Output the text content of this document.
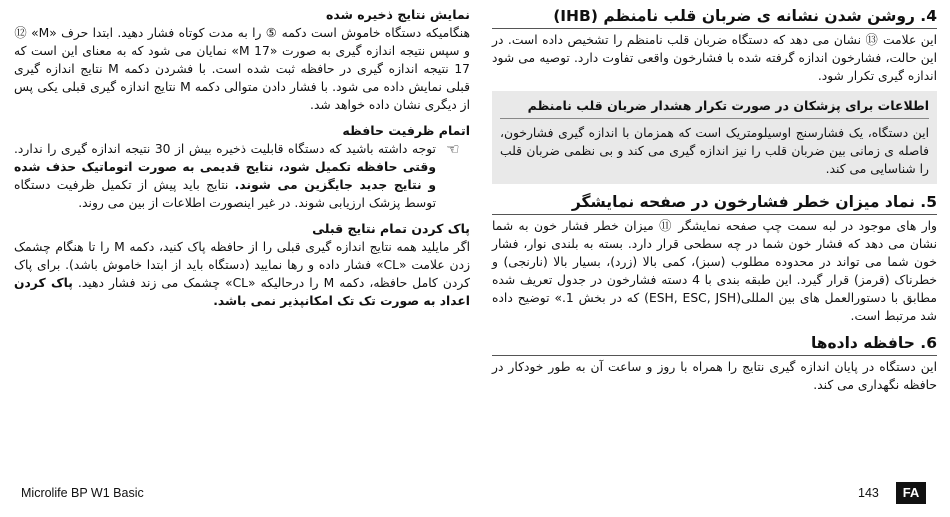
نمایش نتایج ذخیره شده

هنگامیکه دستگاه خاموش است دکمه ⑤ را به مدت کوتاه فشار دهید. ابتدا حرف «M» ⑫ و سپس نتیجه اندازه گیری به صورت «17 M» نمایان می شود که به معنای این است که 17 نتیجه اندازه گیری در حافظه ثبت شده است. با فشردن دکمه M نتایج اندازه گیری قبلی نمایش داده می شود. با فشار دادن متوالی دکمه M نتایج اندازه گیری قبلی یکی پس از دیگری نشان داده خواهد شد.

اتمام ظرفیت حافظه

☜

توجه داشته باشید که دستگاه قابلیت ذخیره بیش از 30 نتیجه اندازه گیری را ندارد. وقتی حافظه تکمیل شود، نتایج قدیمی به صورت اتوماتیک حذف شده و نتایج جدید جایگزین می شوند. نتایج باید پیش از تکمیل ظرفیت دستگاه توسط پزشک ارزیابی شوند. در غیر اینصورت اطلاعات از بین می روند.

پاک کردن تمام نتایج قبلی

اگر مایلید همه نتایج اندازه گیری قبلی را از حافظه پاک کنید، دکمه M را تا هنگام چشمک زدن علامت «CL» فشار داده و رها نمایید (دستگاه باید از ابتدا خاموش باشد). برای پاک کردن کامل حافظه، دکمه M را درحالیکه «CL» چشمک می زند فشار دهید. پاک کردن اعداد به صورت تک تک امکانپذیر نمی باشد.

4. روشن شدن نشانه ی ضربان قلب نامنظم (IHB)

این علامت ⑬ نشان می دهد که دستگاه ضربان قلب نامنظم را تشخیص داده است. در این حالت، فشارخون اندازه گرفته شده با فشارخون واقعی تفاوت دارد. توصیه می شود اندازه گیری تکرار شود.

اطلاعات برای پزشکان در صورت تکرار هشدار ضربان قلب نامنظم

این دستگاه، یک فشارسنج اوسیلومتریک است که همزمان با اندازه گیری فشارخون، فاصله ی زمانی بین ضربان قلب را نیز اندازه گیری می کند و بی نظمی ضربان قلب را شناسایی می کند.

5. نماد میزان خطر فشارخون در صفحه نمایشگر

وار های موجود در لبه سمت چپ صفحه نمایشگر ⑪ میزان خطر فشار خون به شما نشان می دهد که فشار خون شما در چه سطحی قرار دارد. بسته به بلندی نوار، فشار خون شما می تواند در محدوده مطلوب (سبز)، کمی بالا (زرد)، بسیار بالا (نارنجی) و خطرناک (قرمز) قرار گیرد. این طبقه بندی با 4 دسته فشارخون در جدول تعریف شده مطابق با دستورالعمل های بین المللی(ESH, ESC, JSH) که در بخش 1.» توضیح داده شد مرتبط است.

6. حافظه داده‌ها

این دستگاه در پایان اندازه گیری نتایج را همراه با روز و ساعت آن به طور خودکار در حافظه نگهداری می کند.

Microlife BP W1 Basic	143	FA
